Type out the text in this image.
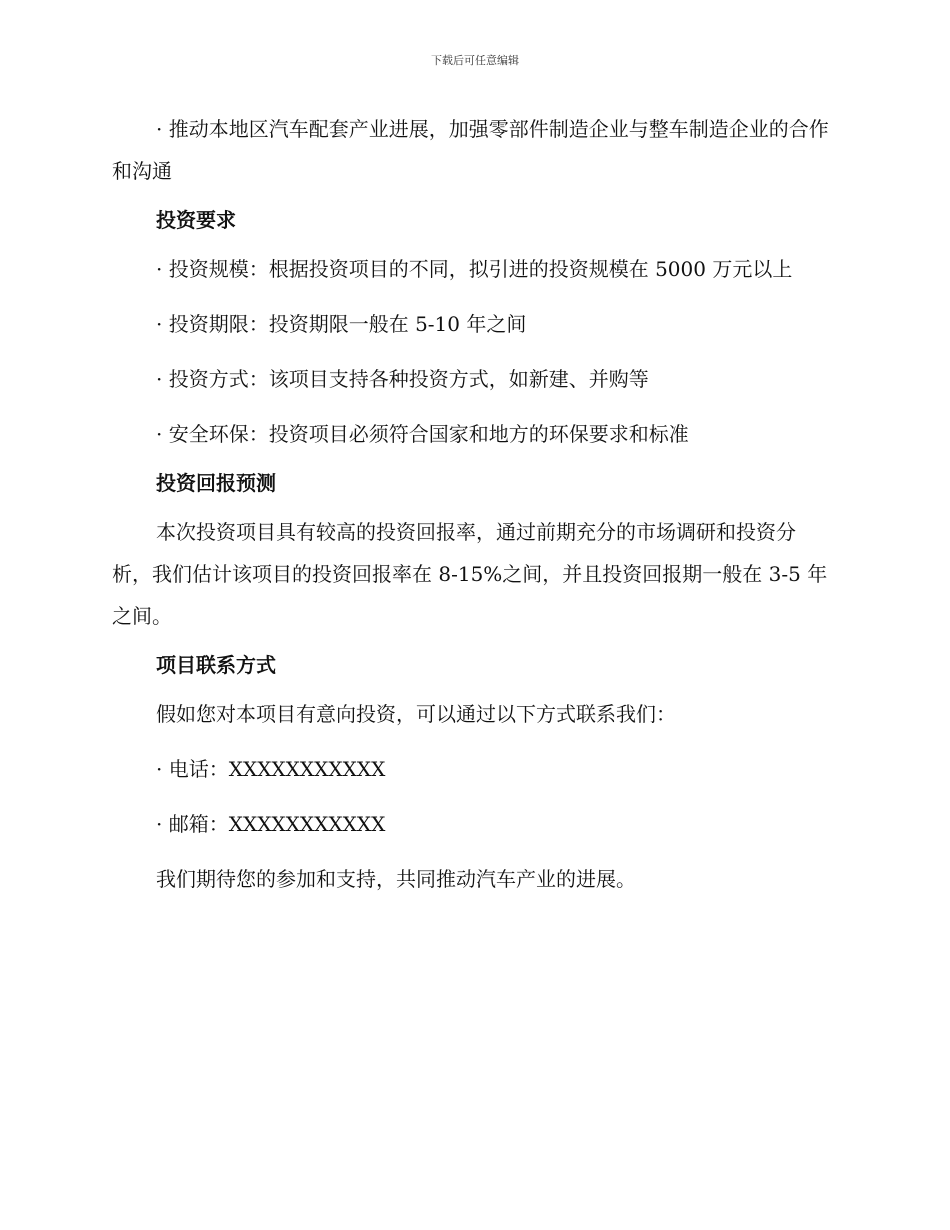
下载后可任意编辑

· 推动本地区汽车配套产业进展，加强零部件制造企业与整车制造企业的合作和沟通

投资要求

· 投资规模：根据投资项目的不同，拟引进的投资规模在 5000 万元以上

· 投资期限：投资期限一般在 5-10 年之间

· 投资方式：该项目支持各种投资方式，如新建、并购等

· 安全环保：投资项目必须符合国家和地方的环保要求和标准

投资回报预测

本次投资项目具有较高的投资回报率，通过前期充分的市场调研和投资分析，我们估计该项目的投资回报率在 8-15%之间，并且投资回报期一般在 3-5 年之间。

项目联系方式

假如您对本项目有意向投资，可以通过以下方式联系我们：

· 电话：XXXXXXXXXXX

· 邮箱：XXXXXXXXXXX

我们期待您的参加和支持，共同推动汽车产业的进展。
